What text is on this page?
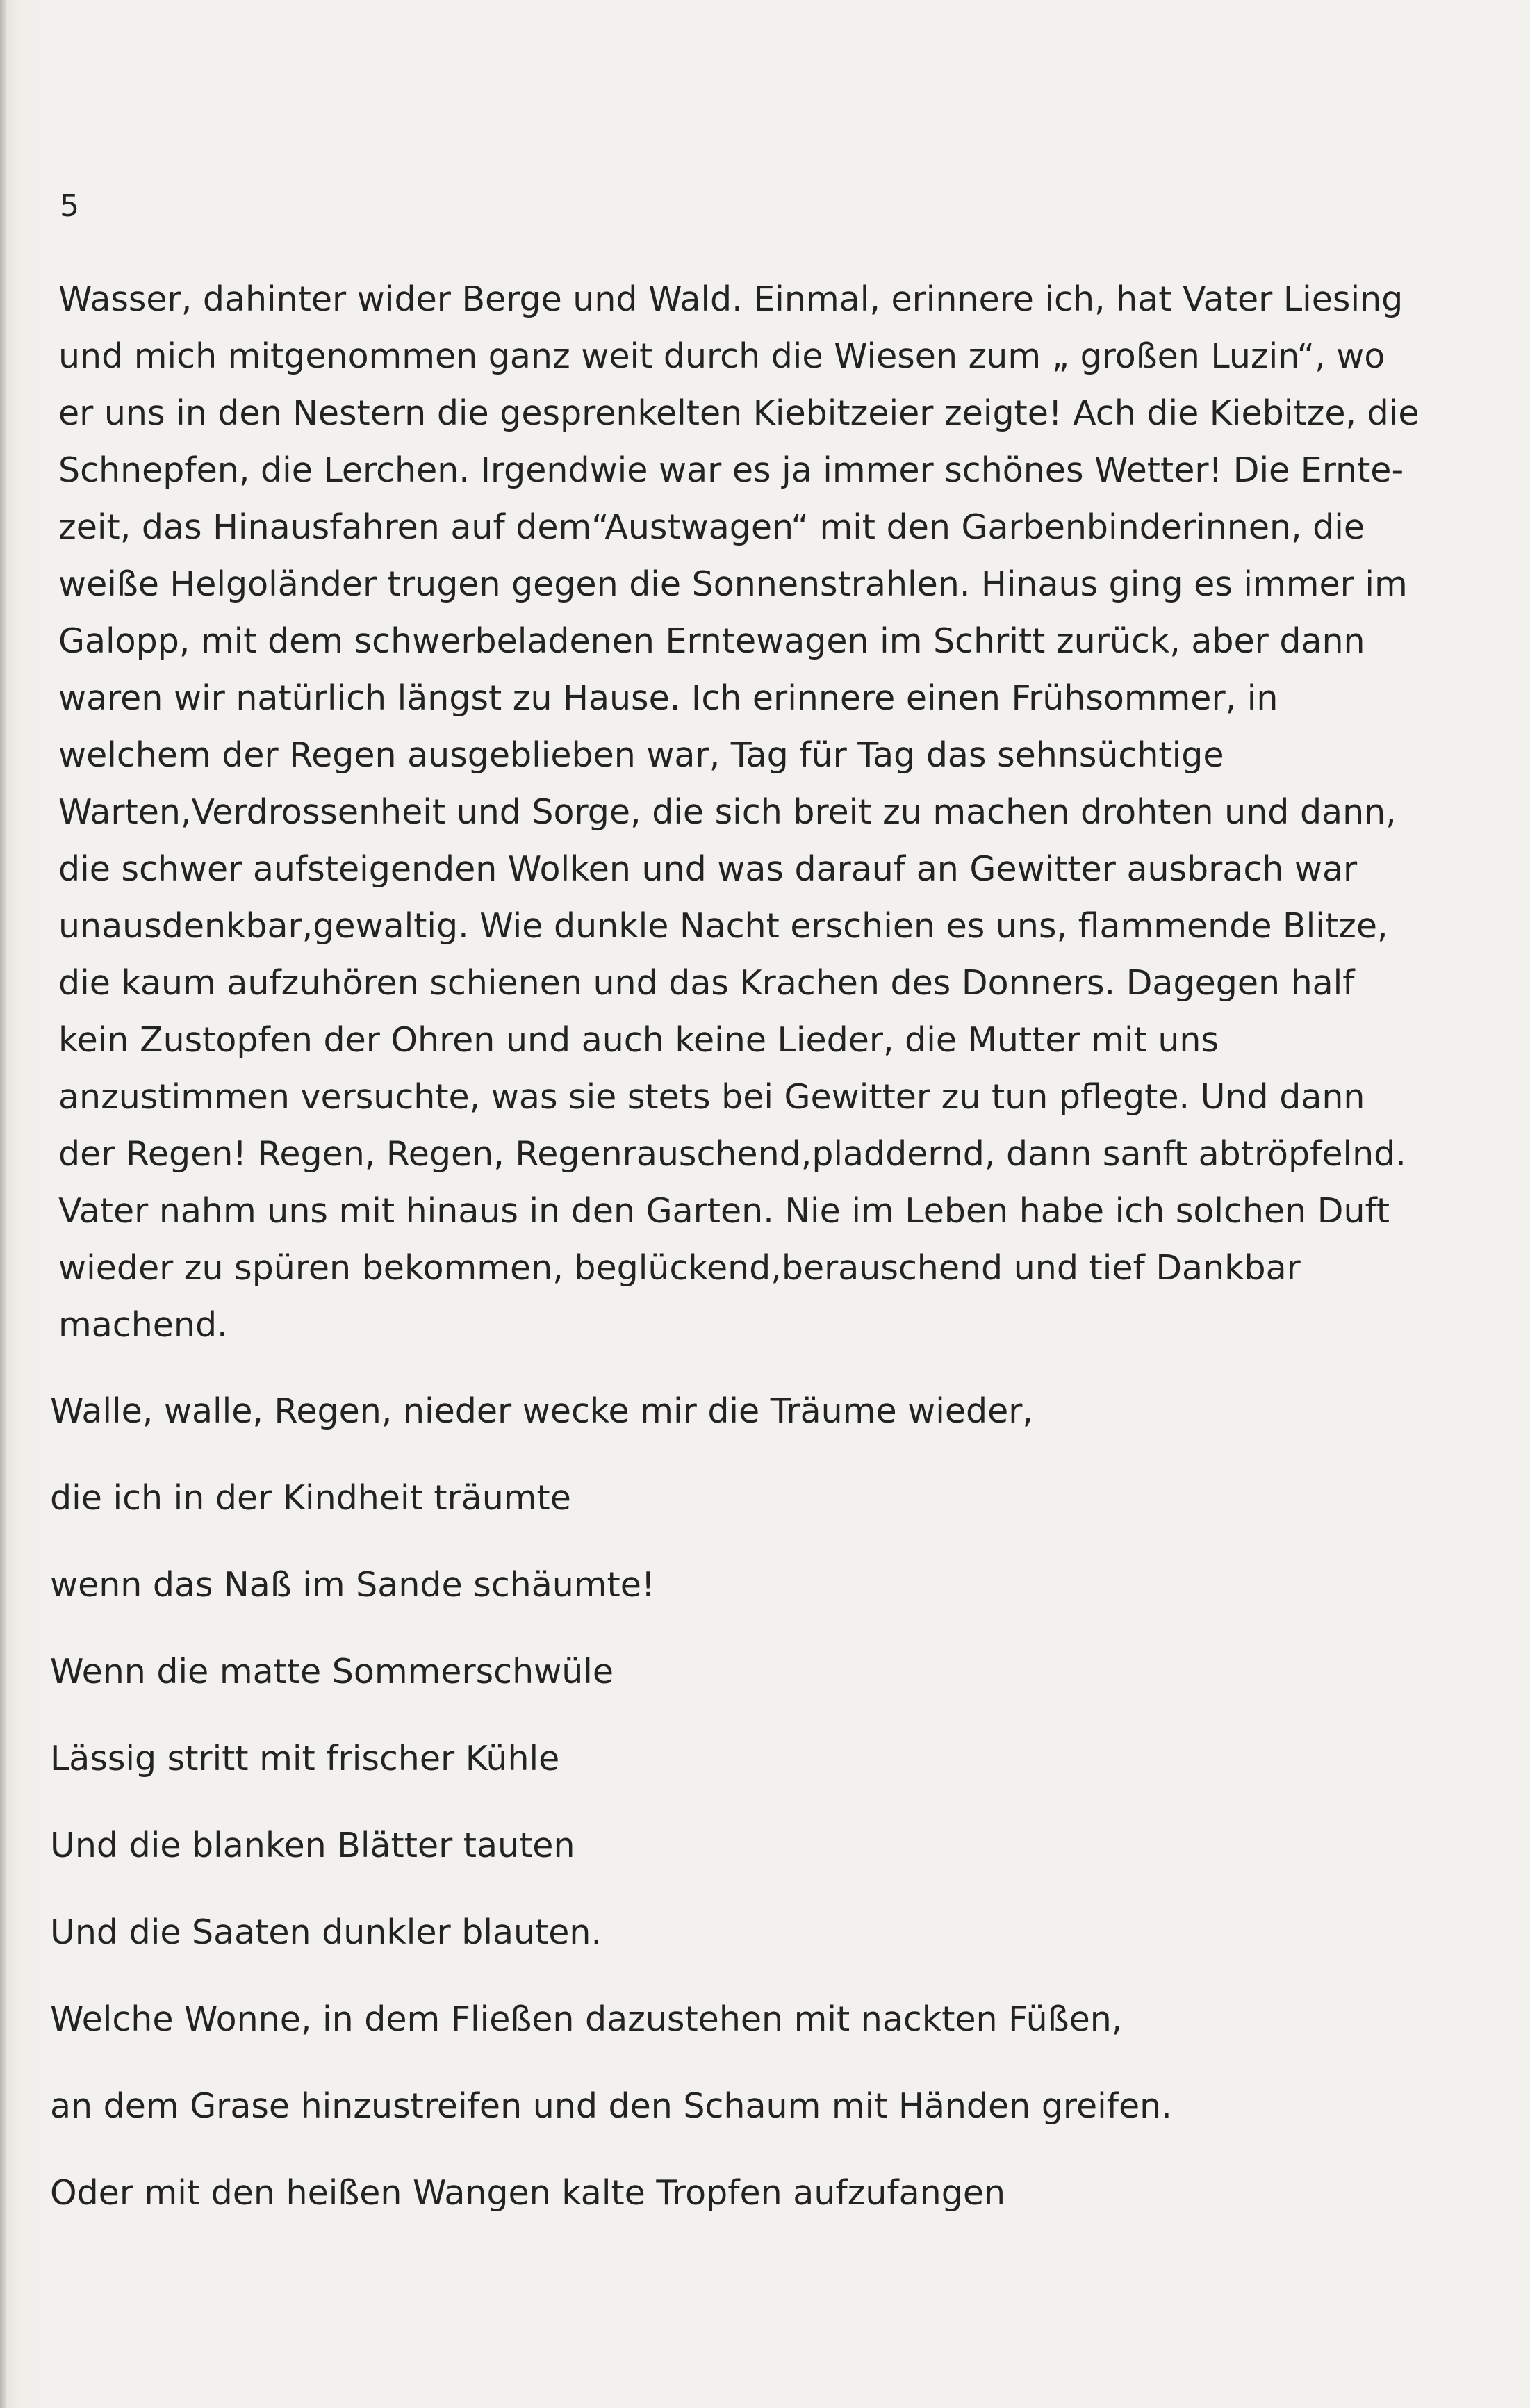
5
Wasser, dahinter wider Berge und Wald. Einmal, erinnere ich, hat Vater Liesing
und mich mitgenommen ganz weit durch die Wiesen zum „ großen Luzin“, wo
er uns in den Nestern die gesprenkelten Kiebitzeier zeigte! Ach die Kiebitze, die
Schnepfen, die Lerchen. Irgendwie war es ja immer schönes Wetter! Die Ernte-
zeit, das Hinausfahren auf dem“Austwagen“ mit den Garbenbinderinnen, die
weiße Helgoländer trugen gegen die Sonnenstrahlen. Hinaus ging es immer im
Galopp, mit dem schwerbeladenen Erntewagen im Schritt zurück, aber dann
waren wir natürlich längst zu Hause. Ich erinnere einen Frühsommer, in
welchem der Regen ausgeblieben war, Tag für Tag das sehnsüchtige
Warten,Verdrossenheit und Sorge, die sich breit zu machen drohten und dann,
die schwer aufsteigenden Wolken und was darauf an Gewitter ausbrach war
unausdenkbar,gewaltig. Wie dunkle Nacht erschien es uns, flammende Blitze,
die kaum aufzuhören schienen und das Krachen des Donners. Dagegen half
kein Zustopfen der Ohren und auch keine Lieder, die Mutter mit uns
anzustimmen versuchte, was sie stets bei Gewitter zu tun pflegte. Und dann
der Regen! Regen, Regen, Regenrauschend,pladdernd, dann sanft abtröpfelnd.
Vater nahm uns mit hinaus in den Garten. Nie im Leben habe ich solchen Duft
wieder zu spüren bekommen, beglückend,berauschend und tief Dankbar
machend.
Walle, walle, Regen, nieder wecke mir die Träume wieder,
die ich in der Kindheit träumte
wenn das Naß im Sande schäumte!
Wenn die matte Sommerschwüle
Lässig stritt mit frischer Kühle
Und die blanken Blätter tauten
Und die Saaten dunkler blauten.
Welche Wonne, in dem Fließen dazustehen mit nackten Füßen,
an dem Grase hinzustreifen und den Schaum mit Händen greifen.
Oder mit den heißen Wangen kalte Tropfen aufzufangen
